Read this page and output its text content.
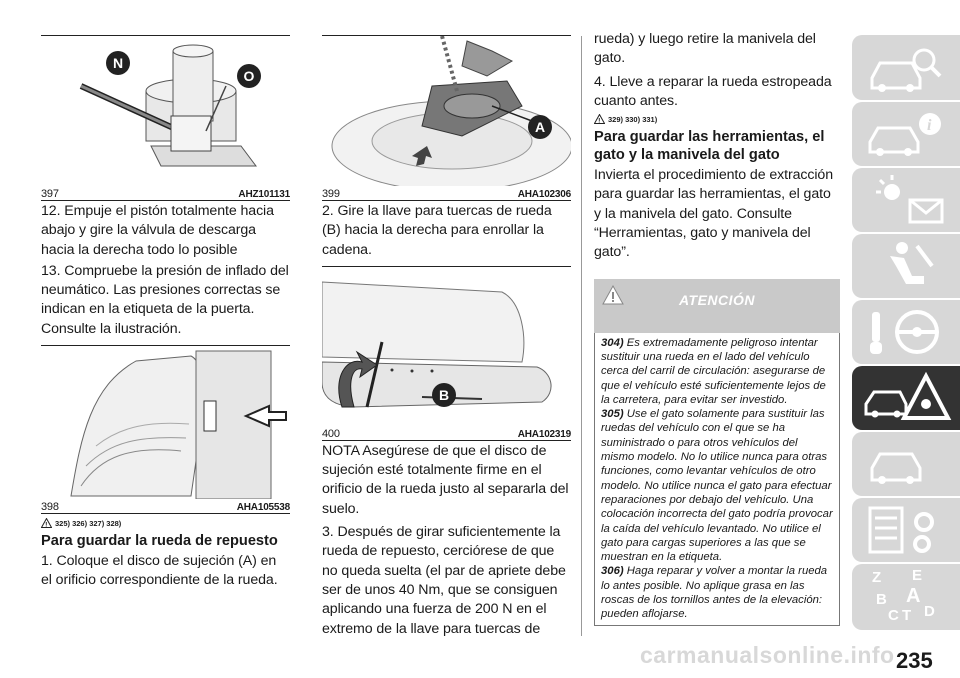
N
O
397	AHZ101131

12. Empuje el pistón totalmente hacia abajo y gire la válvula de descarga hacia la derecha todo lo posible

13. Compruebe la presión de inflado del neumático. Las presiones correctas se indican en la etiqueta de la puerta. Consulte la ilustración.

398	AHA105538
! 325) 326) 327) 328)
Para guardar la rueda de repuesto

1. Coloque el disco de sujeción (A) en el orificio correspondiente de la rueda.

A
399	AHA102306

2. Gire la llave para tuercas de rueda (B) hacia la derecha para enrollar la cadena.

B
400	AHA102319

NOTA Asegúrese de que el disco de sujeción esté totalmente firme en el orificio de la rueda justo al separarla del suelo.

3. Después de girar suficientemente la rueda de repuesto, cerciórese de que no queda suelta (el par de apriete debe ser de unos 40 Nm, que se consiguen aplicando una fuerza de 200 N en el extremo de la llave para tuercas de

rueda) y luego retire la manivela del gato.

4. Lleve a reparar la rueda estropeada cuanto antes.

! 329) 330) 331)
Para guardar las herramientas, el gato y la manivela del gato

Invierta el procedimiento de extracción para guardar las herramientas, el gato y la manivela del gato. Consulte “Herramientas, gato y manivela del gato”.

ATENCIÓN

304) Es extremadamente peligroso intentar sustituir una rueda en el lado del vehículo cerca del carril de circulación: asegurarse de que el vehículo esté suficientemente lejos de la carretera, para evitar ser investido.

305) Use el gato solamente para sustituir las ruedas del vehículo con el que se ha suministrado o para otros vehículos del mismo modelo. No lo utilice nunca para otras funciones, como levantar vehículos de otro modelo. No utilice nunca el gato para efectuar reparaciones por debajo del vehículo. Una colocación incorrecta del gato podría provocar la caída del vehículo levantado. No utilice el gato para cargas superiores a las que se muestran en la etiqueta.

306) Haga reparar y volver a montar la rueda lo antes posible. No aplique grasa en las roscas de los tornillos antes de la elevación: pueden aflojarse.

i
Z E
A
B
C T D
carmanualsonline.info 235
